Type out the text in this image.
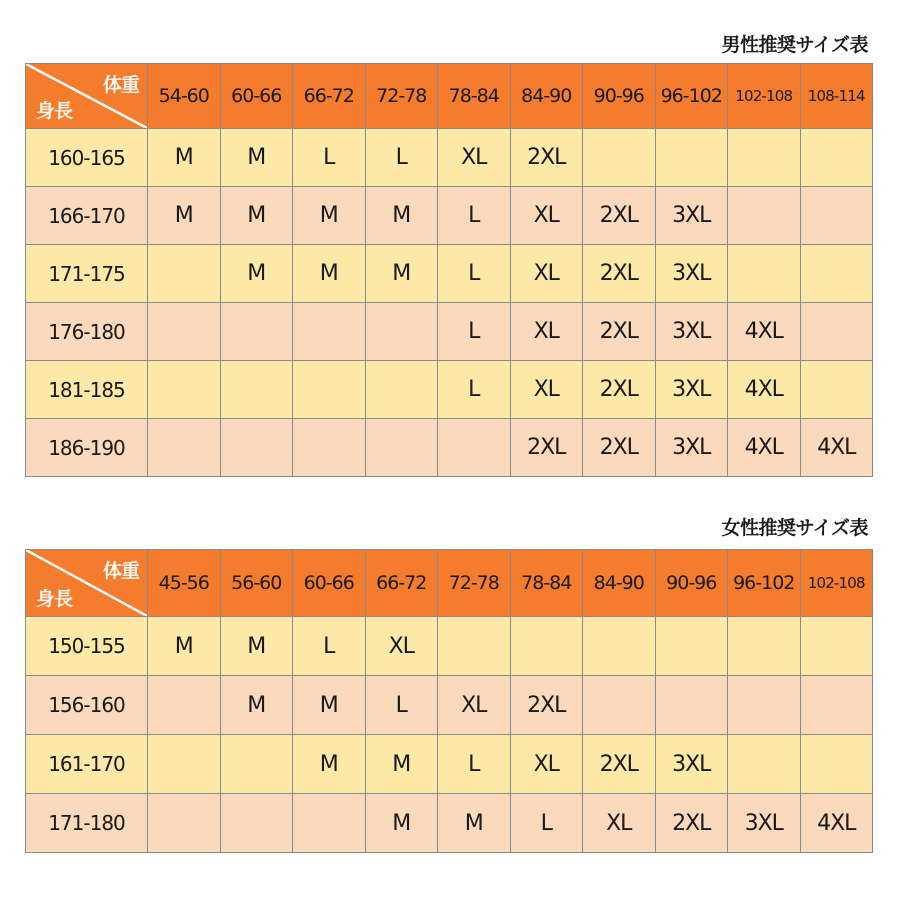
男性推奨サイズ表
体重
身長	54-60	60-66	66-72	72-78	78-84	84-90	90-96	96-102	102-108	108-114
160-165	M	M	L	L	XL	2XL				
166-170	M	M	M	M	L	XL	2XL	3XL		
171-175		M	M	M	L	XL	2XL	3XL		
176-180					L	XL	2XL	3XL	4XL	
181-185					L	XL	2XL	3XL	4XL	
186-190						2XL	2XL	3XL	4XL	4XL
女性推奨サイズ表
体重
身長	45-56	56-60	60-66	66-72	72-78	78-84	84-90	90-96	96-102	102-108
150-155	M	M	L	XL						
156-160		M	M	L	XL	2XL				
161-170			M	M	L	XL	2XL	3XL		
171-180				M	M	L	XL	2XL	3XL	4XL
